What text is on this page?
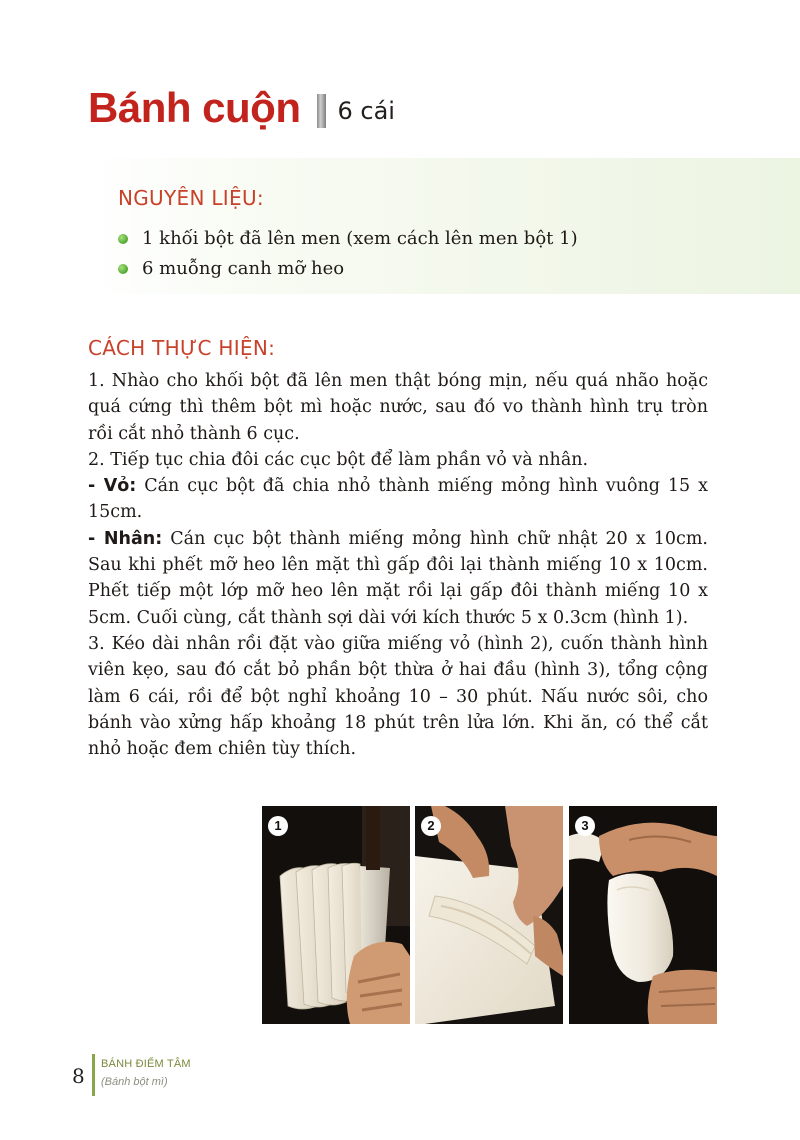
Bánh cuộn 6 cái
NGUYÊN LIỆU:
1 khối bột đã lên men (xem cách lên men bột 1)
6 muỗng canh mỡ heo
CÁCH THỰC HIỆN:

1. Nhào cho khối bột đã lên men thật bóng mịn, nếu quá nhão hoặc quá cứng thì thêm bột mì hoặc nước, sau đó vo thành hình trụ tròn rồi cắt nhỏ thành 6 cục.

2. Tiếp tục chia đôi các cục bột để làm phần vỏ và nhân.

- Vỏ: Cán cục bột đã chia nhỏ thành miếng mỏng hình vuông 15 x 15cm.

- Nhân: Cán cục bột thành miếng mỏng hình chữ nhật 20 x 10cm. Sau khi phết mỡ heo lên mặt thì gấp đôi lại thành miếng 10 x 10cm. Phết tiếp một lớp mỡ heo lên mặt rồi lại gấp đôi thành miếng 10 x 5cm. Cuối cùng, cắt thành sợi dài với kích thước 5 x 0.3cm (hình 1).

3. Kéo dài nhân rồi đặt vào giữa miếng vỏ (hình 2), cuốn thành hình viên kẹo, sau đó cắt bỏ phần bột thừa ở hai đầu (hình 3), tổng cộng làm 6 cái, rồi để bột nghỉ khoảng 10 – 30 phút. Nấu nước sôi, cho bánh vào xửng hấp khoảng 18 phút trên lửa lớn. Khi ăn, có thể cắt nhỏ hoặc đem chiên tùy thích.

1	2	3
8 BÁNH ĐIỂM TÂM
(Bánh bột mì)
